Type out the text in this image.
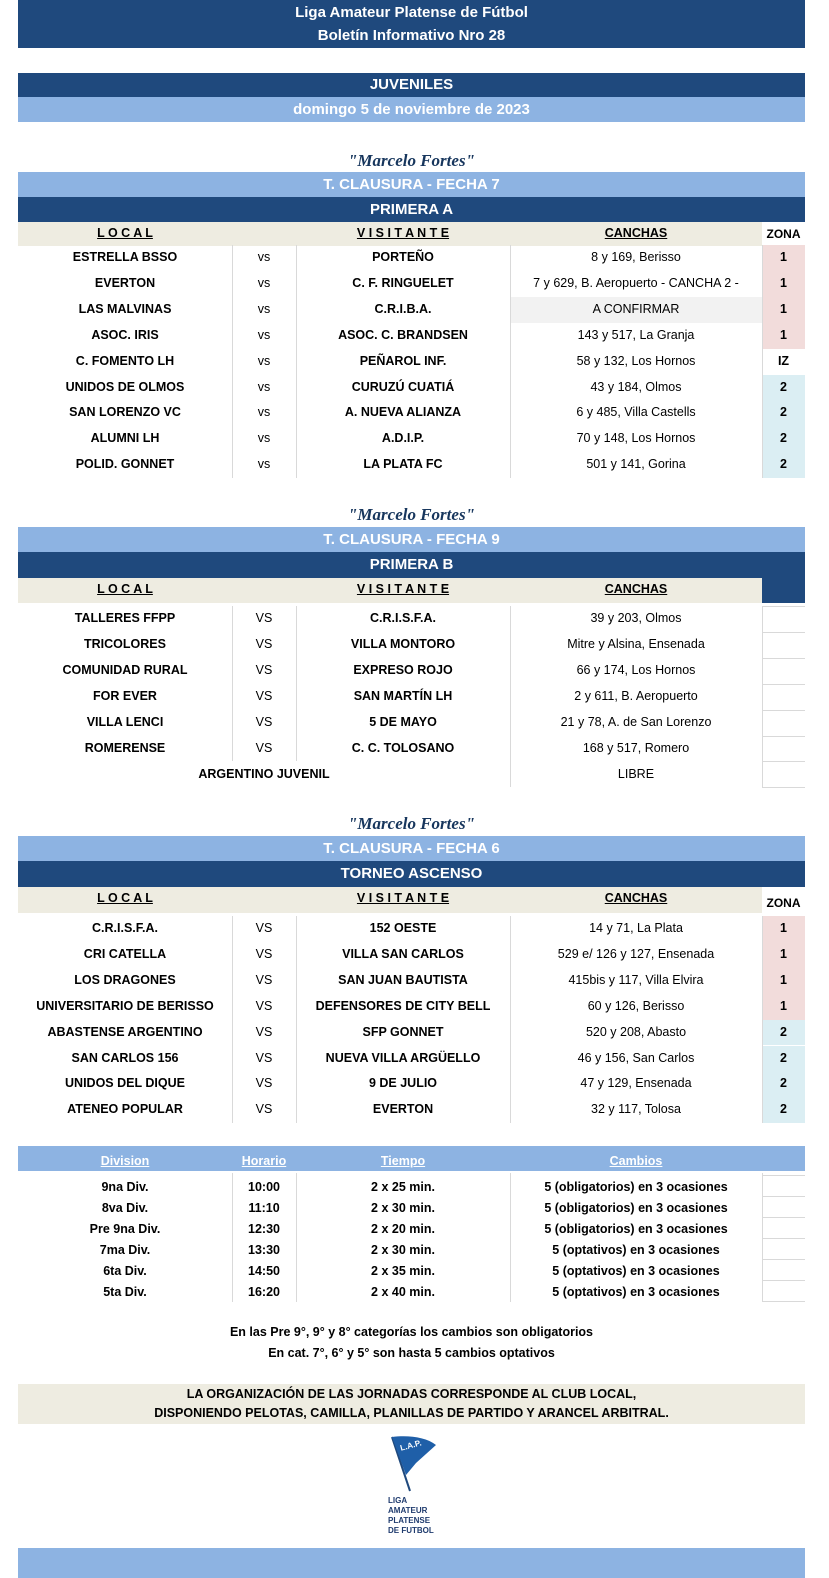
Liga Amateur Platense de Fútbol
Boletín Informativo Nro 28
JUVENILES
domingo 5 de noviembre de 2023
"Marcelo Fortes"
T. CLAUSURA - FECHA 7
PRIMERA A
L O C A L	V I S I T A N T E	CANCHAS	ZONA
ESTRELLA BSSO	vs	PORTEÑO	8 y 169, Berisso	1
EVERTON	vs	C. F. RINGUELET	7 y 629, B. Aeropuerto - CANCHA 2 -	1
LAS MALVINAS	vs	C.R.I.B.A.	A CONFIRMAR	1
ASOC. IRIS	vs	ASOC. C. BRANDSEN	143 y 517, La Granja	1
C. FOMENTO LH	vs	PEÑAROL INF.	58 y 132, Los Hornos	IZ
UNIDOS DE OLMOS	vs	CURUZÚ CUATIÁ	43 y 184, Olmos	2
SAN LORENZO VC	vs	A. NUEVA ALIANZA	6 y 485, Villa Castells	2
ALUMNI LH	vs	A.D.I.P.	70 y 148, Los Hornos	2
POLID. GONNET	vs	LA PLATA FC	501 y 141, Gorina	2
"Marcelo Fortes"
T. CLAUSURA - FECHA 9
PRIMERA B
L O C A L	V I S I T A N T E	CANCHAS
TALLERES FFPP	VS	C.R.I.S.F.A.	39 y 203, Olmos
TRICOLORES	VS	VILLA MONTORO	Mitre y Alsina, Ensenada
COMUNIDAD RURAL	VS	EXPRESO ROJO	66 y 174, Los Hornos
FOR EVER	VS	SAN MARTÍN LH	2 y 611, B. Aeropuerto
VILLA LENCI	VS	5 DE MAYO	21 y 78, A. de San Lorenzo
ROMERENSE	VS	C. C. TOLOSANO	168 y 517, Romero
ARGENTINO JUVENIL	LIBRE
"Marcelo Fortes"
T. CLAUSURA - FECHA 6
TORNEO ASCENSO
L O C A L	V I S I T A N T E	CANCHAS	ZONA
C.R.I.S.F.A.	VS	152 OESTE	14 y 71, La Plata	1
CRI CATELLA	VS	VILLA SAN CARLOS	529 e/ 126 y 127, Ensenada	1
LOS DRAGONES	VS	SAN JUAN BAUTISTA	415bis y 117, Villa Elvira	1
UNIVERSITARIO DE BERISSO	VS	DEFENSORES DE CITY BELL	60 y 126, Berisso	1
ABASTENSE ARGENTINO	VS	SFP GONNET	520 y 208, Abasto	2
SAN CARLOS 156	VS	NUEVA VILLA ARGÜELLO	46 y 156, San Carlos	2
UNIDOS DEL DIQUE	VS	9 DE JULIO	47 y 129, Ensenada	2
ATENEO POPULAR	VS	EVERTON	32 y 117, Tolosa	2
Division	Horario	Tiempo	Cambios
9na Div.	10:00	2 x 25 min.	5 (obligatorios) en 3 ocasiones
8va Div.	11:10	2 x 30 min.	5 (obligatorios) en 3 ocasiones
Pre 9na Div.	12:30	2 x 20 min.	5 (obligatorios) en 3 ocasiones
7ma Div.	13:30	2 x 30 min.	5 (optativos) en 3 ocasiones
6ta Div.	14:50	2 x 35 min.	5 (optativos) en 3 ocasiones
5ta Div.	16:20	2 x 40 min.	5 (optativos) en 3 ocasiones
En las Pre 9°, 9° y 8° categorías los cambios son obligatorios
En cat. 7°, 6° y 5° son hasta 5 cambios optativos
LA ORGANIZACIÓN DE LAS JORNADAS CORRESPONDE AL CLUB LOCAL,
DISPONIENDO PELOTAS, CAMILLA, PLANILLAS DE PARTIDO Y ARANCEL ARBITRAL.
L.A.P.
LIGA
AMATEUR
PLATENSE
DE FUTBOL
